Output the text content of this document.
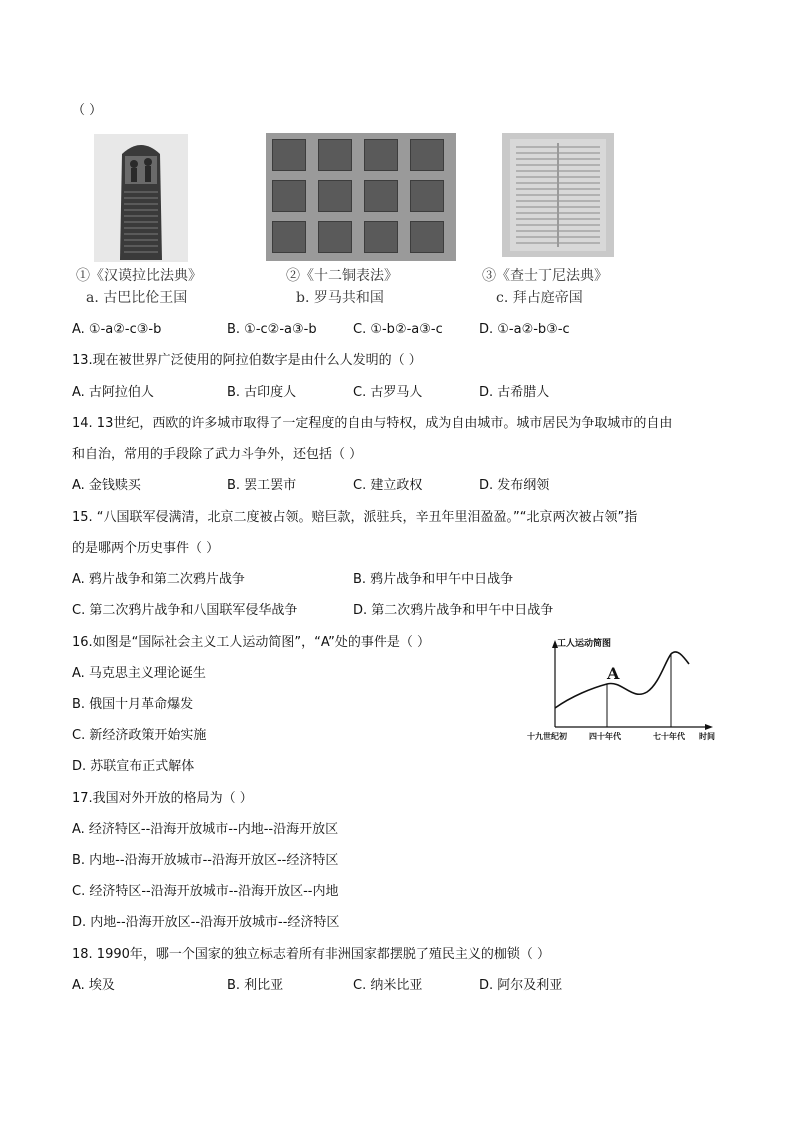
（ ）
①《汉谟拉比法典》
a. 古巴比伦王国
②《十二铜表法》
b. 罗马共和国
③《查士丁尼法典》
c. 拜占庭帝国
A. ①-a②-c③-b	B. ①-c②-a③-b	C. ①-b②-a③-c	D. ①-a②-b③-c
13.现在被世界广泛使用的阿拉伯数字是由什么人发明的（ ）
A. 古阿拉伯人	B. 古印度人	C. 古罗马人	D. 古希腊人
14. 13世纪，西欧的许多城市取得了一定程度的自由与特权，成为自由城市。城市居民为争取城市的自由
和自治，常用的手段除了武力斗争外，还包括（ ）
A. 金钱赎买	B. 罢工罢市	C. 建立政权	D. 发布纲领
15. “八国联军侵满清，北京二度被占领。赔巨款，派驻兵，辛丑年里泪盈盈。”“北京两次被占领”指
的是哪两个历史事件（ ）
A. 鸦片战争和第二次鸦片战争	B. 鸦片战争和甲午中日战争
C. 第二次鸦片战争和八国联军侵华战争	D. 第二次鸦片战争和甲午中日战争
16.如图是“国际社会主义工人运动简图”，“A”处的事件是（ ）
A. 马克思主义理论诞生
B. 俄国十月革命爆发
C. 新经济政策开始实施
D. 苏联宣布正式解体
工人运动简图
A
十九世纪初	四十年代	七十年代 时间
17.我国对外开放的格局为（ ）
A. 经济特区--沿海开放城市--内地--沿海开放区
B. 内地--沿海开放城市--沿海开放区--经济特区
C. 经济特区--沿海开放城市--沿海开放区--内地
D. 内地--沿海开放区--沿海开放城市--经济特区
18. 1990年，哪一个国家的独立标志着所有非洲国家都摆脱了殖民主义的枷锁（ ）
A. 埃及	B. 利比亚	C. 纳米比亚	D. 阿尔及利亚
